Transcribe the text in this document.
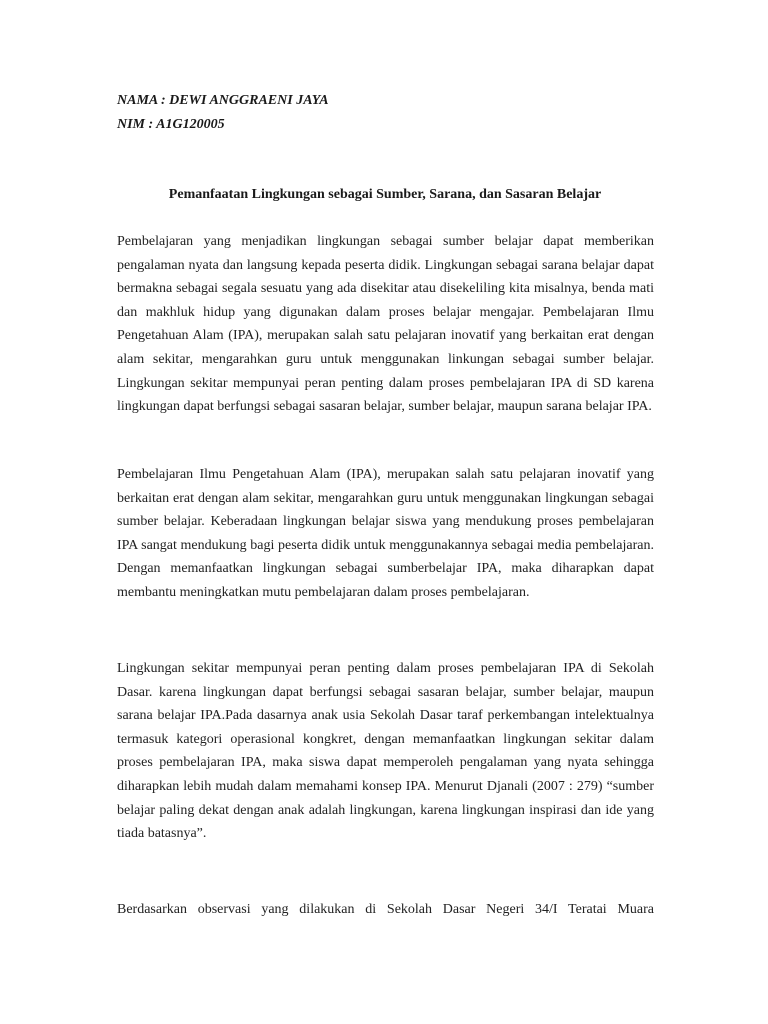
NAMA : DEWI ANGGRAENI JAYA
NIM : A1G120005
Pemanfaatan Lingkungan sebagai Sumber, Sarana, dan Sasaran Belajar

Pembelajaran yang menjadikan lingkungan sebagai sumber belajar dapat memberikan pengalaman nyata dan langsung kepada peserta didik. Lingkungan sebagai sarana belajar dapat bermakna sebagai segala sesuatu yang ada disekitar atau disekeliling kita misalnya, benda mati dan makhluk hidup yang digunakan dalam proses belajar mengajar. Pembelajaran Ilmu Pengetahuan Alam (IPA), merupakan salah satu pelajaran inovatif yang berkaitan erat dengan alam sekitar, mengarahkan guru untuk menggunakan linkungan sebagai sumber belajar. Lingkungan sekitar mempunyai peran penting dalam proses pembelajaran IPA di SD karena lingkungan dapat berfungsi sebagai sasaran belajar, sumber belajar, maupun sarana belajar IPA.

Pembelajaran Ilmu Pengetahuan Alam (IPA), merupakan salah satu pelajaran inovatif yang berkaitan erat dengan alam sekitar, mengarahkan guru untuk menggunakan lingkungan sebagai sumber belajar. Keberadaan lingkungan belajar siswa yang mendukung proses pembelajaran IPA sangat mendukung bagi peserta didik untuk menggunakannya sebagai media pembelajaran. Dengan memanfaatkan lingkungan sebagai sumberbelajar IPA, maka diharapkan dapat membantu meningkatkan mutu pembelajaran dalam proses pembelajaran.

Lingkungan sekitar mempunyai peran penting dalam proses pembelajaran IPA di Sekolah Dasar. karena lingkungan dapat berfungsi sebagai sasaran belajar, sumber belajar, maupun sarana belajar IPA.Pada dasarnya anak usia Sekolah Dasar taraf perkembangan intelektualnya termasuk kategori operasional kongkret, dengan memanfaatkan lingkungan sekitar dalam proses pembelajaran IPA, maka siswa dapat memperoleh pengalaman yang nyata sehingga diharapkan lebih mudah dalam memahami konsep IPA. Menurut Djanali (2007 : 279) “sumber belajar paling dekat dengan anak adalah lingkungan, karena lingkungan inspirasi dan ide yang tiada batasnya”.

Berdasarkan observasi yang dilakukan di Sekolah Dasar Negeri 34/I Teratai Muara
